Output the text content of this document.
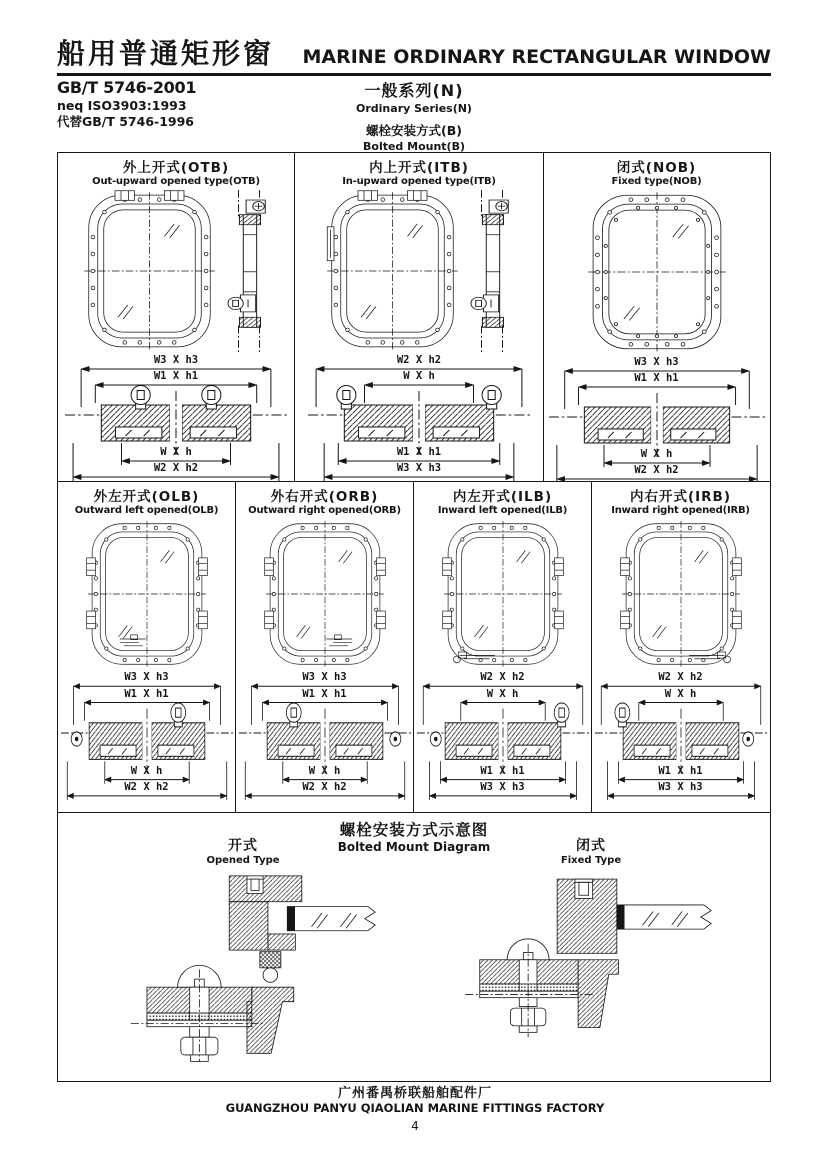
船用普通矩形窗 MARINE ORDINARY RECTANGULAR WINDOW
GB/T 5746-2001
neq ISO3903:1993
代替GB/T 5746-1996
一般系列(N)
Ordinary Series(N)
螺栓安装方式(B)
Bolted Mount(B)
外上开式(OTB)
Out-upward opened type(OTB)
W3 X h3
W1 X h1
W X h
W2 X h2
内上开式(ITB)
In-upward opened type(ITB)
W2 X h2
W X h
W1 X h1
W3 X h3
闭式(NOB)
Fixed type(NOB)
W3 X h3
W1 X h1
W X h
W2 X h2
外左开式(OLB)
Outward left opened(OLB)
W3 X h3
W1 X h1
W X h
W2 X h2
外右开式(ORB)
Outward right opened(ORB)
W3 X h3
W1 X h1
W X h
W2 X h2
内左开式(ILB)
Inward left opened(ILB)
W2 X h2
W X h
W1 X h1
W3 X h3
内右开式(IRB)
Inward right opened(IRB)
W2 X h2
W X h
W1 X h1
W3 X h3
螺栓安装方式示意图
Bolted Mount Diagram
开式
Opened Type
闭式
Fixed Type
广州番禺桥联船舶配件厂
GUANGZHOU PANYU QIAOLIAN MARINE FITTINGS FACTORY
4
